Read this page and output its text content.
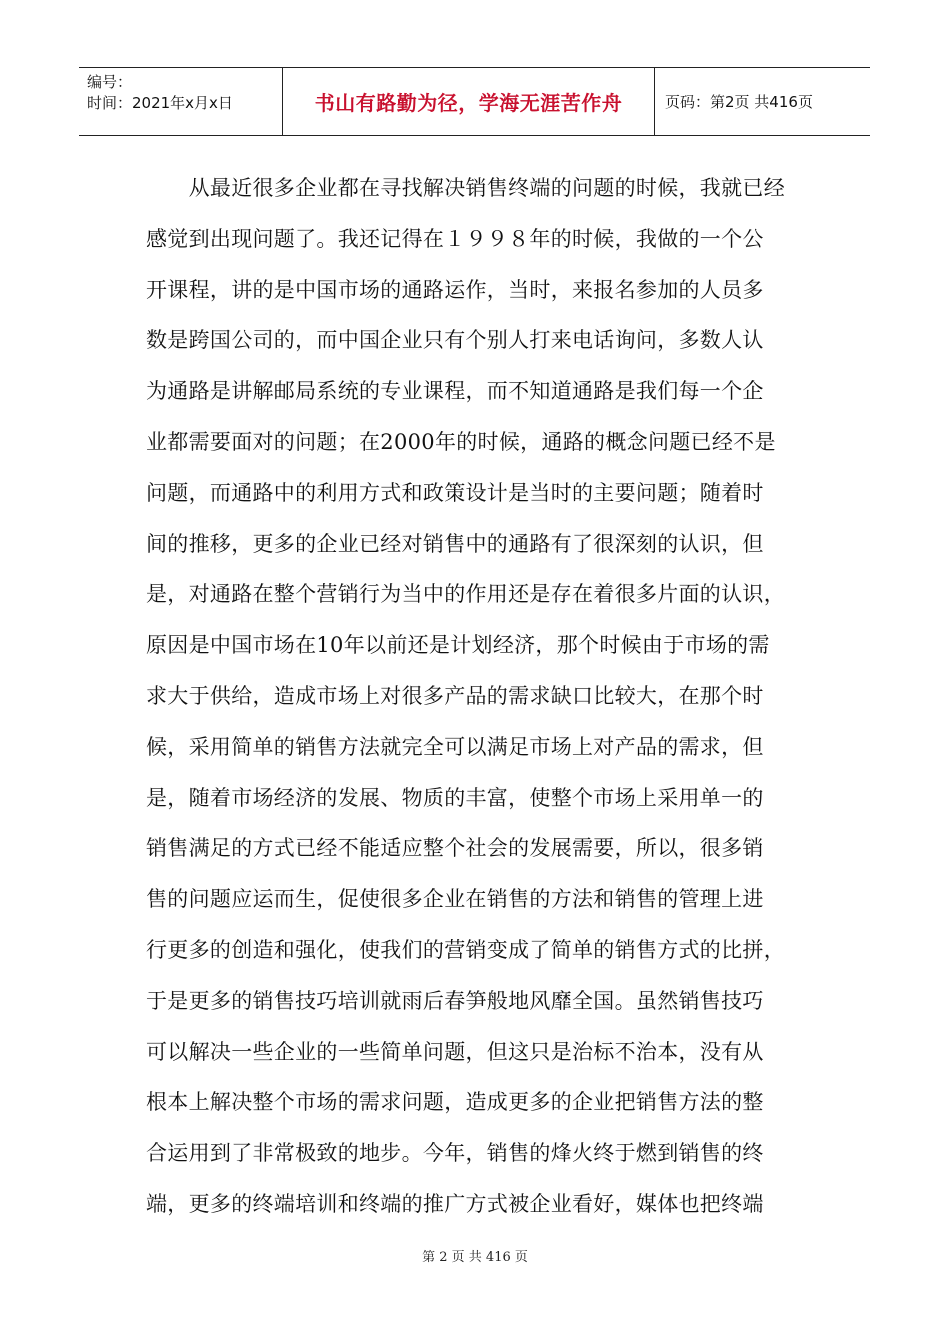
编号：
时间：2021年x月x日	书山有路勤为径，学海无涯苦作舟	页码：第2页 共416页
　　从最近很多企业都在寻找解决销售终端的问题的时候，我就已经
感觉到出现问题了。我还记得在１９９８年的时候，我做的一个公
开课程，讲的是中国市场的通路运作，当时，来报名参加的人员多
数是跨国公司的，而中国企业只有个别人打来电话询问，多数人认
为通路是讲解邮局系统的专业课程，而不知道通路是我们每一个企
业都需要面对的问题；在2000年的时候，通路的概念问题已经不是
问题，而通路中的利用方式和政策设计是当时的主要问题；随着时
间的推移，更多的企业已经对销售中的通路有了很深刻的认识，但
是，对通路在整个营销行为当中的作用还是存在着很多片面的认识，
原因是中国市场在10年以前还是计划经济，那个时候由于市场的需
求大于供给，造成市场上对很多产品的需求缺口比较大，在那个时
候，采用简单的销售方法就完全可以满足市场上对产品的需求，但
是，随着市场经济的发展、物质的丰富，使整个市场上采用单一的
销售满足的方式已经不能适应整个社会的发展需要，所以，很多销
售的问题应运而生，促使很多企业在销售的方法和销售的管理上进
行更多的创造和强化，使我们的营销变成了简单的销售方式的比拼，
于是更多的销售技巧培训就雨后春笋般地风靡全国。虽然销售技巧
可以解决一些企业的一些简单问题，但这只是治标不治本，没有从
根本上解决整个市场的需求问题，造成更多的企业把销售方法的整
合运用到了非常极致的地步。今年，销售的烽火终于燃到销售的终
端，更多的终端培训和终端的推广方式被企业看好，媒体也把终端
第 2 页 共 416 页
